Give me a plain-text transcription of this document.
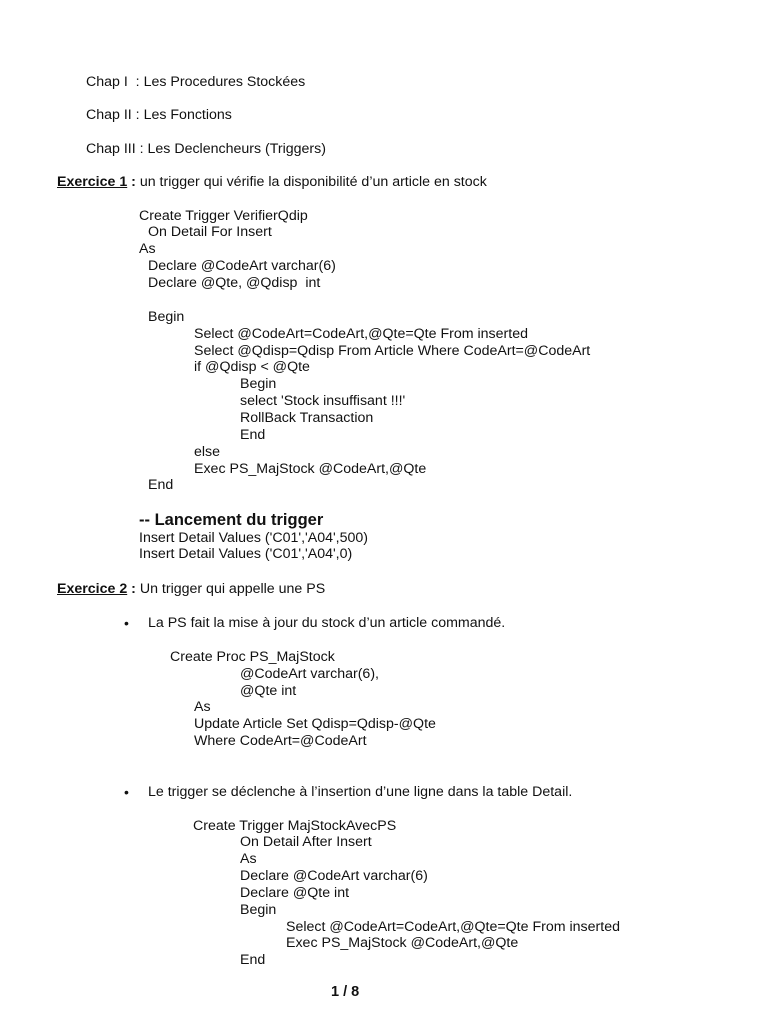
Chap I  : Les Procedures Stockées
Chap II : Les Fonctions
Chap III : Les Declencheurs (Triggers)
Exercice 1 : un trigger qui vérifie la disponibilité d’un article en stock
Create Trigger VerifierQdip
On Detail For Insert
As
Declare @CodeArt varchar(6)
Declare @Qte, @Qdisp  int
Begin
Select @CodeArt=CodeArt,@Qte=Qte From inserted
Select @Qdisp=Qdisp From Article Where CodeArt=@CodeArt
if @Qdisp < @Qte
Begin
select 'Stock insuffisant !!!'
RollBack Transaction
End
else
Exec PS_MajStock @CodeArt,@Qte
End
-- Lancement du trigger
Insert Detail Values ('C01','A04',500)
Insert Detail Values ('C01','A04',0)
Exercice 2 : Un trigger qui appelle une PS
• La PS fait la mise à jour du stock d’un article commandé.
Create Proc PS_MajStock
@CodeArt varchar(6),
@Qte int
As
Update Article Set Qdisp=Qdisp-@Qte
Where CodeArt=@CodeArt
• Le trigger se déclenche à l’insertion d’une ligne dans la table Detail.
Create Trigger MajStockAvecPS
On Detail After Insert
As
Declare @CodeArt varchar(6)
Declare @Qte int
Begin
Select @CodeArt=CodeArt,@Qte=Qte From inserted
Exec PS_MajStock @CodeArt,@Qte
End
1 / 8
